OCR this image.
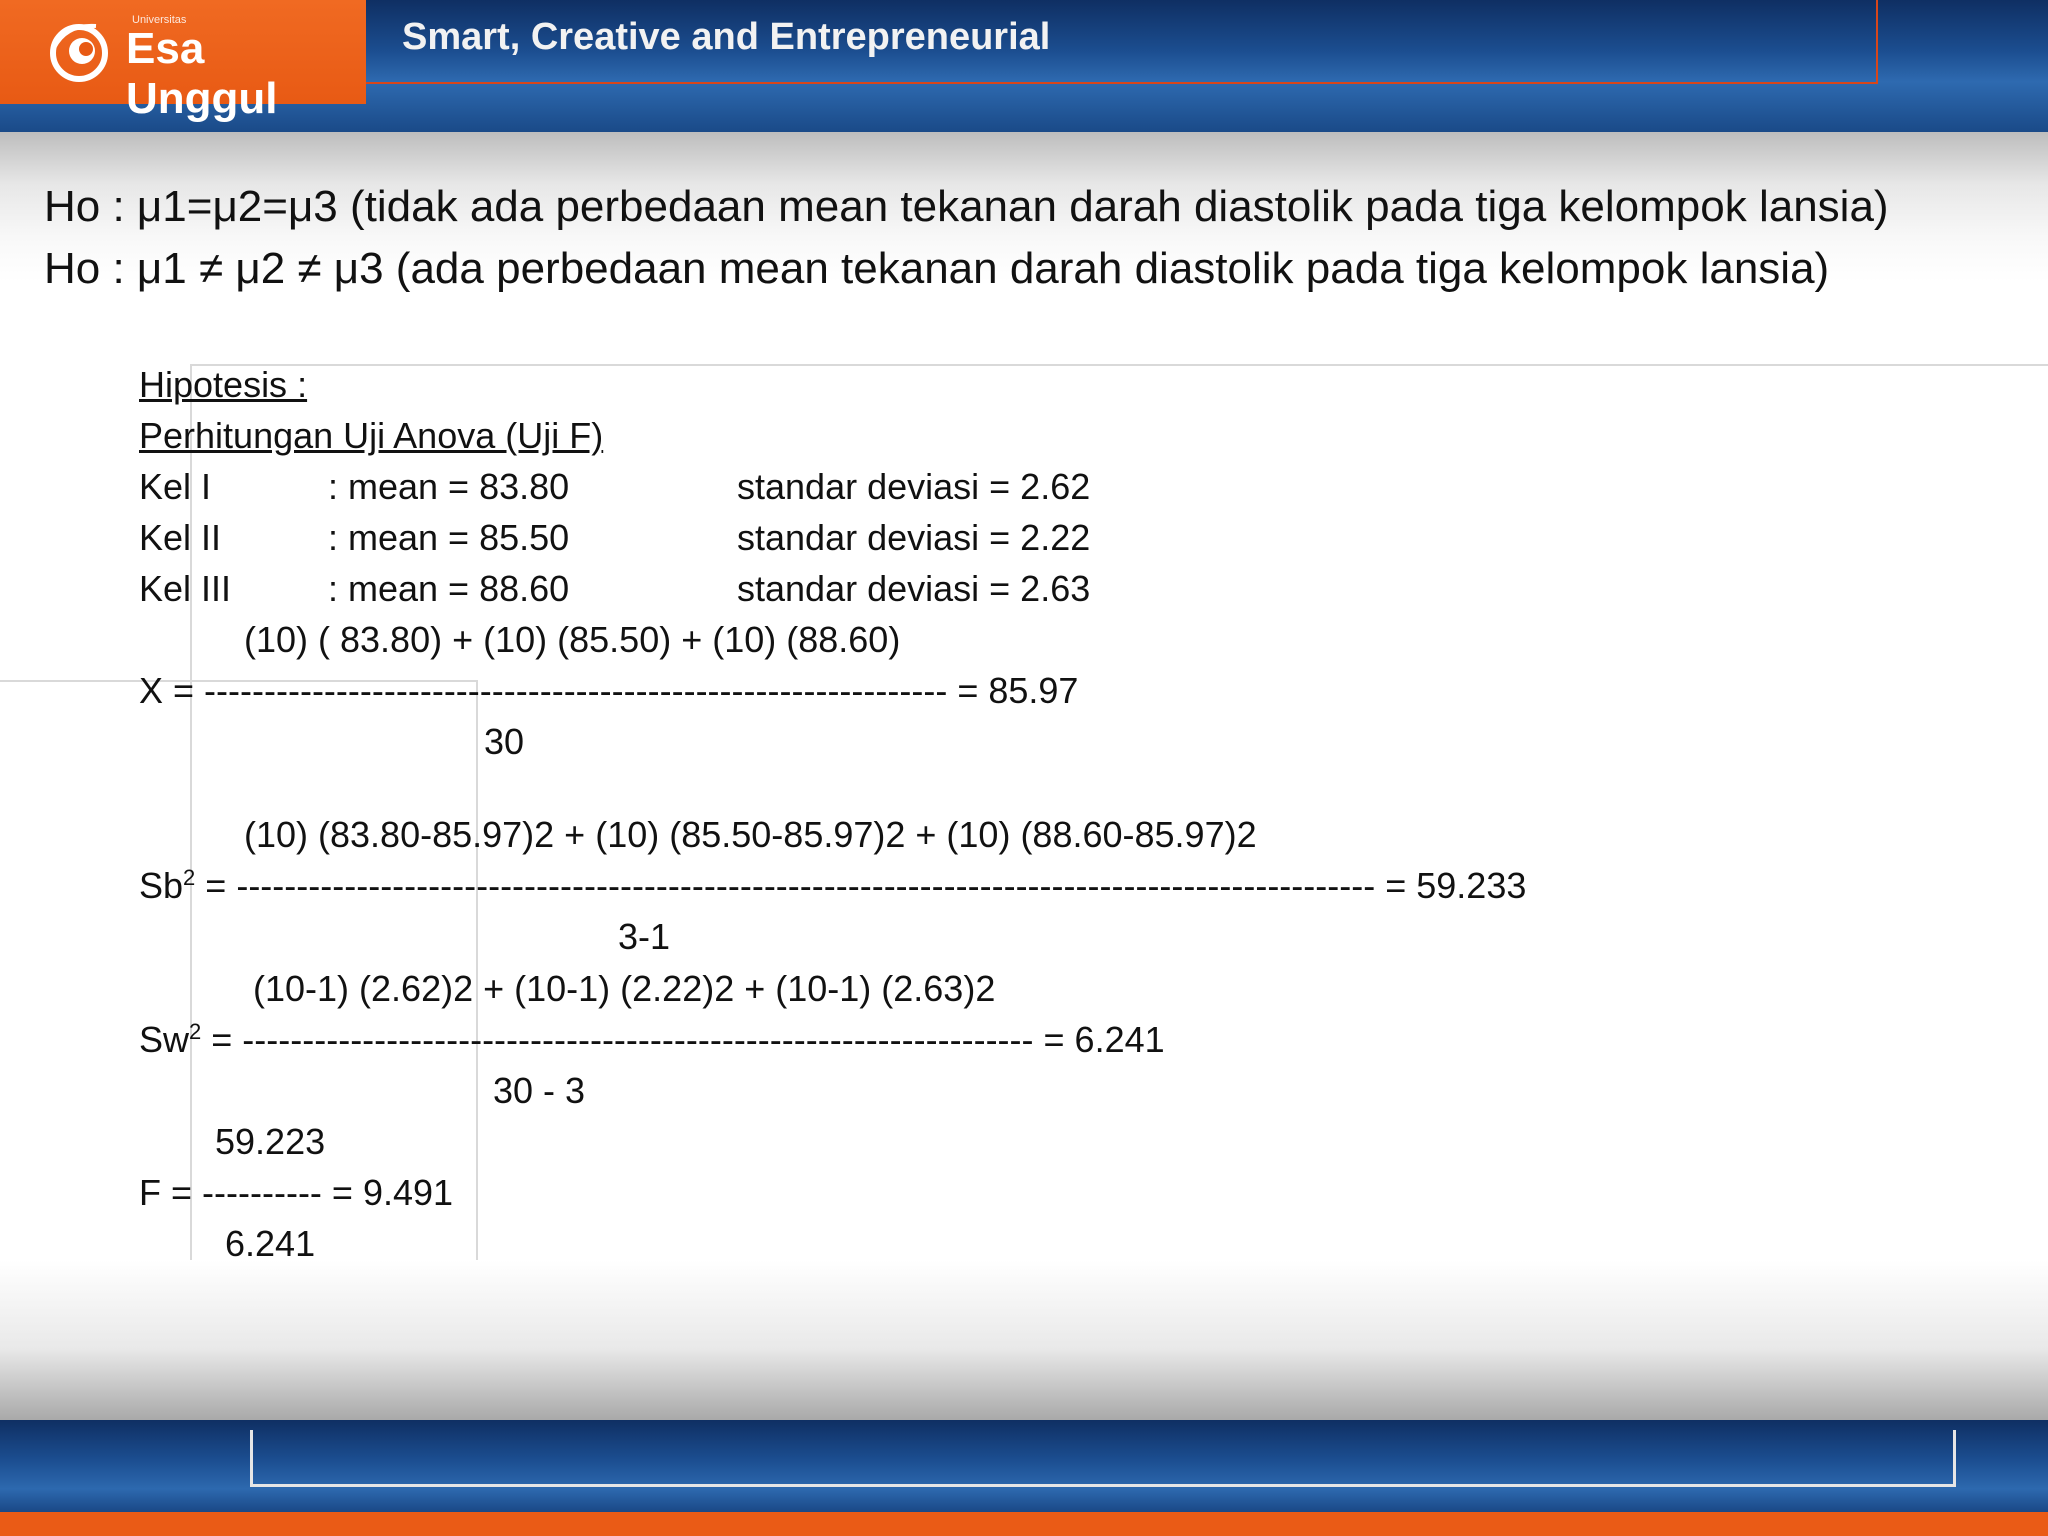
Universitas
Esa Unggul
Smart, Creative and Entrepreneurial
Ho : μ1=μ2=μ3 (tidak ada perbedaan mean tekanan darah diastolik pada tiga kelompok lansia)
Ho : μ1 ≠ μ2 ≠ μ3 (ada perbedaan mean tekanan darah diastolik pada tiga kelompok lansia)
Hipotesis :
Perhitungan Uji Anova (Uji F)
Kel I	: mean = 83.80	standar deviasi = 2.62
Kel II	: mean = 85.50	standar deviasi = 2.22
Kel III	: mean = 88.60	standar deviasi = 2.63
(10) ( 83.80) + (10) (85.50) + (10) (88.60)
X = -------------------------------------------------------------- = 85.97
30
(10) (83.80-85.97)2 + (10) (85.50-85.97)2 + (10) (88.60-85.97)2
$Sb^2$ = ----------------------------------------------------------------------------------------------- = 59.233
3-1
(10-1) (2.62)2 + (10-1) (2.22)2 + (10-1) (2.63)2
$Sw^2$ = ------------------------------------------------------------------ = 6.241
30 - 3
59.223
F = ---------- = 9.491
6.241
